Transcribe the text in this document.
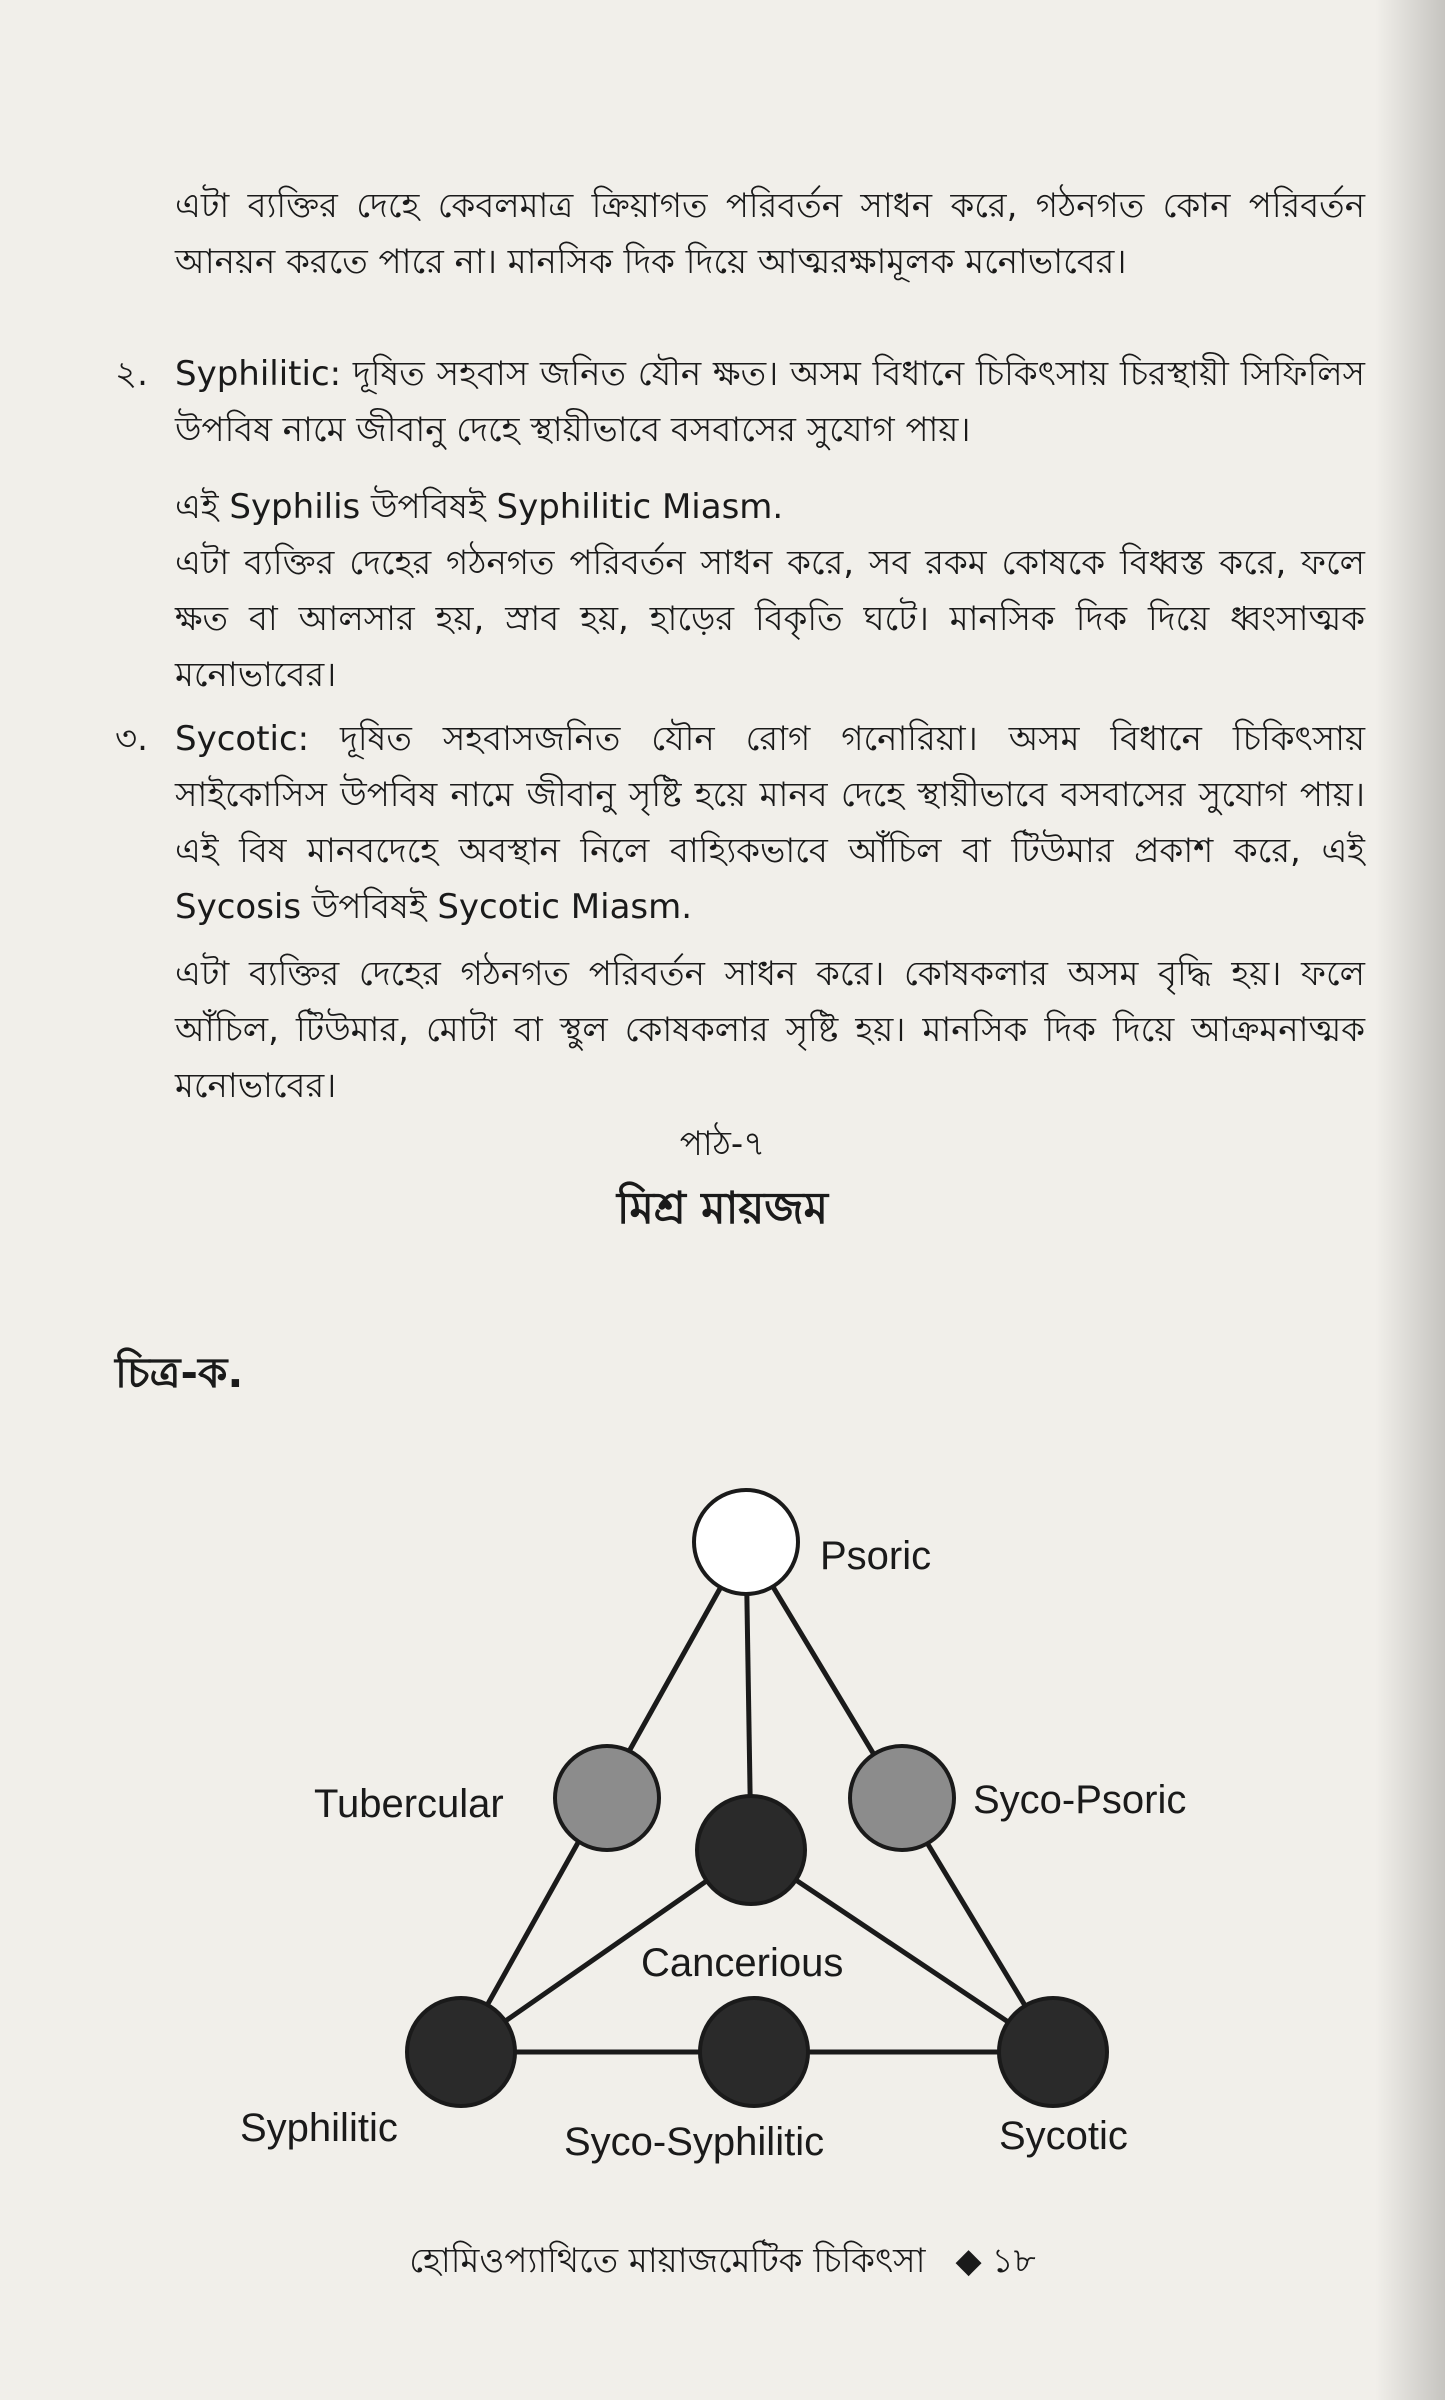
এটা ব্যক্তির দেহে কেবলমাত্র ক্রিয়াগত পরিবর্তন সাধন করে, গঠনগত কোন পরিবর্তন আনয়ন করতে পারে না। মানসিক দিক দিয়ে আত্মরক্ষামূলক মনোভাবের।

২. Syphilitic: দূষিত সহবাস জনিত যৌন ক্ষত। অসম বিধানে চিকিৎসায় চিরস্থায়ী সিফিলিস উপবিষ নামে জীবানু দেহে স্থায়ীভাবে বসবাসের সুযোগ পায়।

এই Syphilis উপবিষই Syphilitic Miasm.

এটা ব্যক্তির দেহের গঠনগত পরিবর্তন সাধন করে, সব রকম কোষকে বিধ্বস্ত করে, ফলে ক্ষত বা আলসার হয়, স্রাব হয়, হাড়ের বিকৃতি ঘটে। মানসিক দিক দিয়ে ধ্বংসাত্মক মনোভাবের।

৩. Sycotic: দূষিত সহবাসজনিত যৌন রোগ গনোরিয়া। অসম বিধানে চিকিৎসায় সাইকোসিস উপবিষ নামে জীবানু সৃষ্টি হয়ে মানব দেহে স্থায়ীভাবে বসবাসের সুযোগ পায়। এই বিষ মানবদেহে অবস্থান নিলে বাহ্যিকভাবে আঁচিল বা টিউমার প্রকাশ করে, এই Sycosis উপবিষই Sycotic Miasm.

এটা ব্যক্তির দেহের গঠনগত পরিবর্তন সাধন করে। কোষকলার অসম বৃদ্ধি হয়। ফলে আঁচিল, টিউমার, মোটা বা স্থুল কোষকলার সৃষ্টি হয়। মানসিক দিক দিয়ে আক্রমনাত্মক মনোভাবের।

পাঠ-৭
মিশ্র মায়জম
চিত্র-ক.
Psoric
Tubercular	Syco-Psoric
Cancerious
Syphilitic	Syco-Syphilitic	Sycotic
হোমিওপ্যাথিতে মায়াজমেটিক চিকিৎসা ◆ ১৮
